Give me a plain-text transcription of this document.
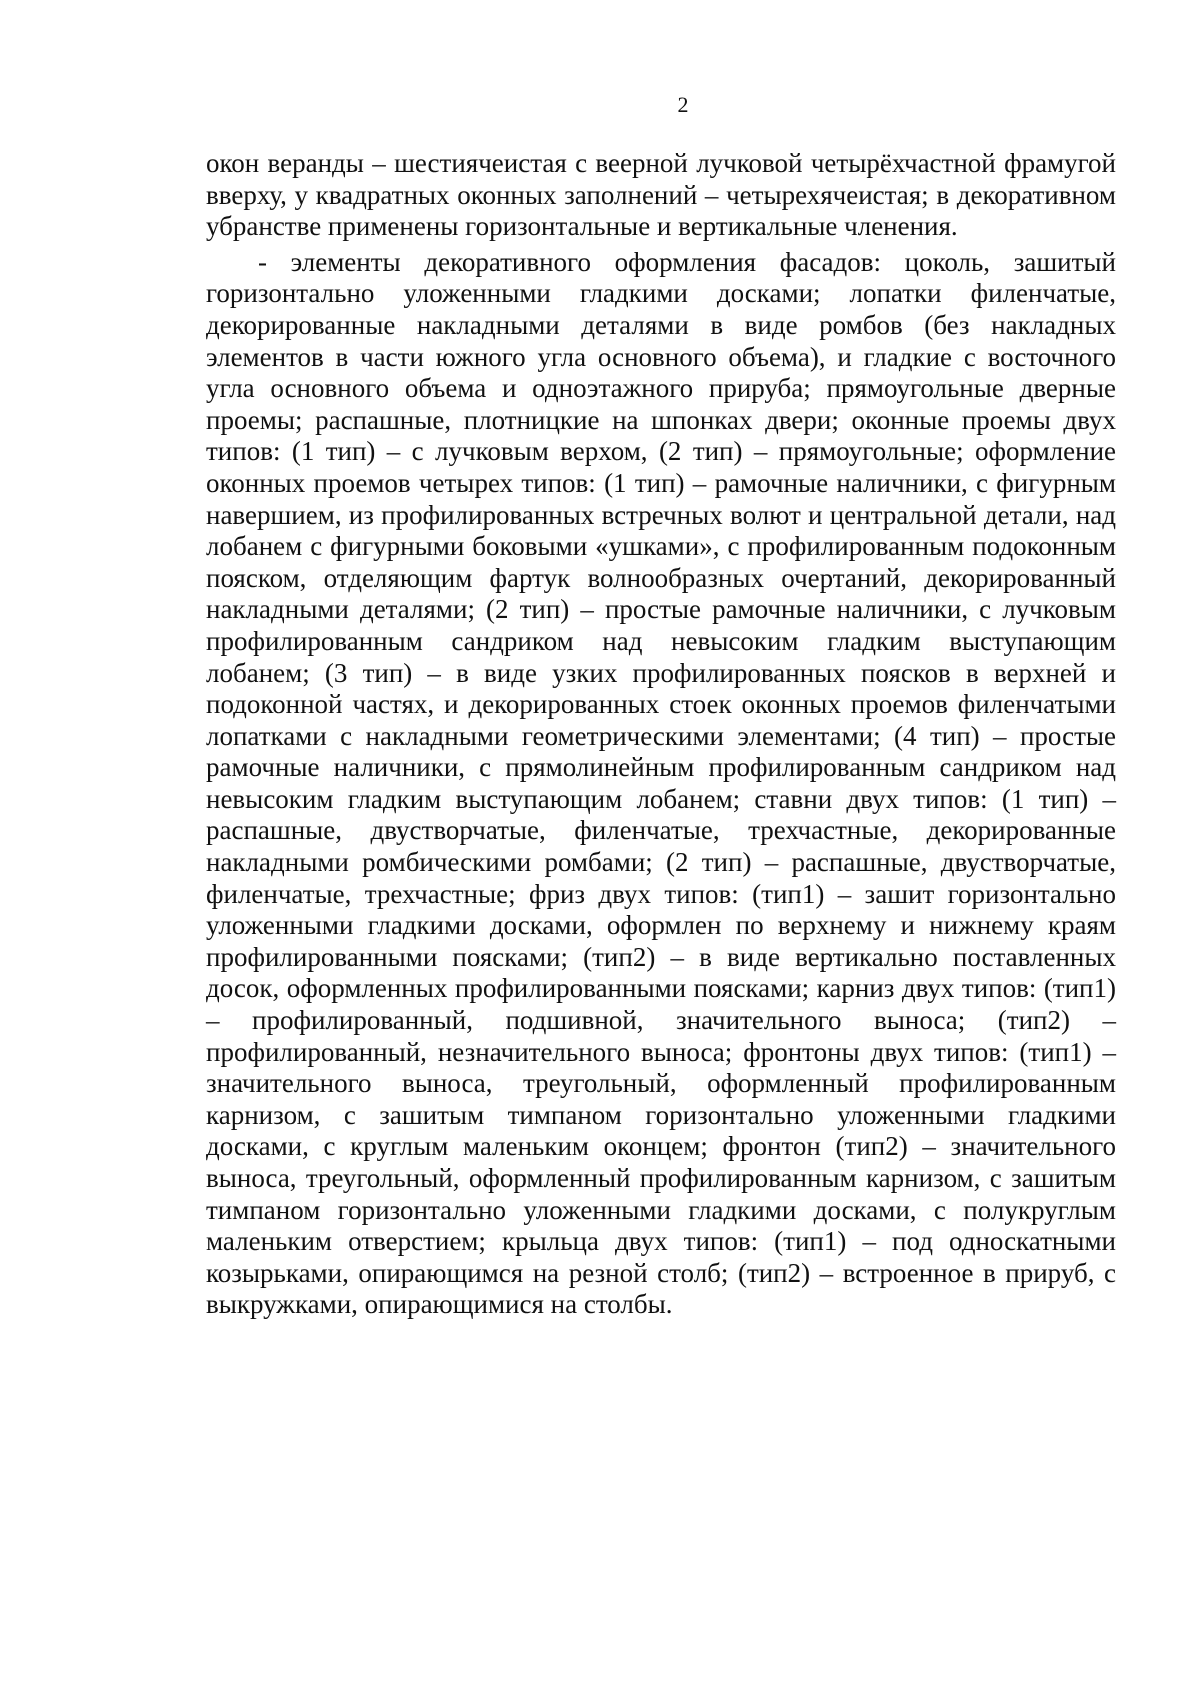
2

окон веранды – шестиячеистая с веерной лучковой четырёхчастной фрамугой вверху, у квадратных оконных заполнений – четырехячеистая; в декоративном убранстве применены горизонтальные и вертикальные членения.

- элементы декоративного оформления фасадов: цоколь, зашитый горизонтально уложенными гладкими досками; лопатки филенчатые, декорированные накладными деталями в виде ромбов (без накладных элементов в части южного угла основного объема), и гладкие с восточного угла основного объема и одноэтажного прируба; прямоугольные дверные проемы; распашные, плотницкие на шпонках двери; оконные проемы двух типов: (1 тип) – с лучковым верхом, (2 тип) – прямоугольные; оформление оконных проемов четырех типов: (1 тип) – рамочные наличники, с фигурным навершием, из профилированных встречных волют и центральной детали, над лобанем с фигурными боковыми «ушками», с профилированным подоконным пояском, отделяющим фартук волнообразных очертаний, декорированный накладными деталями; (2 тип) – простые рамочные наличники, с лучковым профилированным сандриком над невысоким гладким выступающим лобанем; (3 тип) – в виде узких профилированных поясков в верхней и подоконной частях, и декорированных стоек оконных проемов филенчатыми лопатками с накладными геометрическими элементами; (4 тип) – простые рамочные наличники, с прямолинейным профилированным сандриком над невысоким гладким выступающим лобанем; ставни двух типов: (1 тип) – распашные, двустворчатые, филенчатые, трехчастные, декорированные накладными ромбическими ромбами; (2 тип) – распашные, двустворчатые, филенчатые, трехчастные; фриз двух типов: (тип1) – зашит горизонтально уложенными гладкими досками, оформлен по верхнему и нижнему краям профилированными поясками; (тип2) – в виде вертикально поставленных досок, оформленных профилированными поясками; карниз двух типов: (тип1) – профилированный, подшивной, значительного выноса; (тип2) – профилированный, незначительного выноса; фронтоны двух типов: (тип1) – значительного выноса, треугольный, оформленный профилированным карнизом, с зашитым тимпаном горизонтально уложенными гладкими досками, с круглым маленьким оконцем; фронтон (тип2) – значительного выноса, треугольный, оформленный профилированным карнизом, с зашитым тимпаном горизонтально уложенными гладкими досками, с полукруглым маленьким отверстием; крыльца двух типов: (тип1) – под односкатными козырьками, опирающимся на резной столб; (тип2) – встроенное в прируб, с выкружками, опирающимися на столбы.
